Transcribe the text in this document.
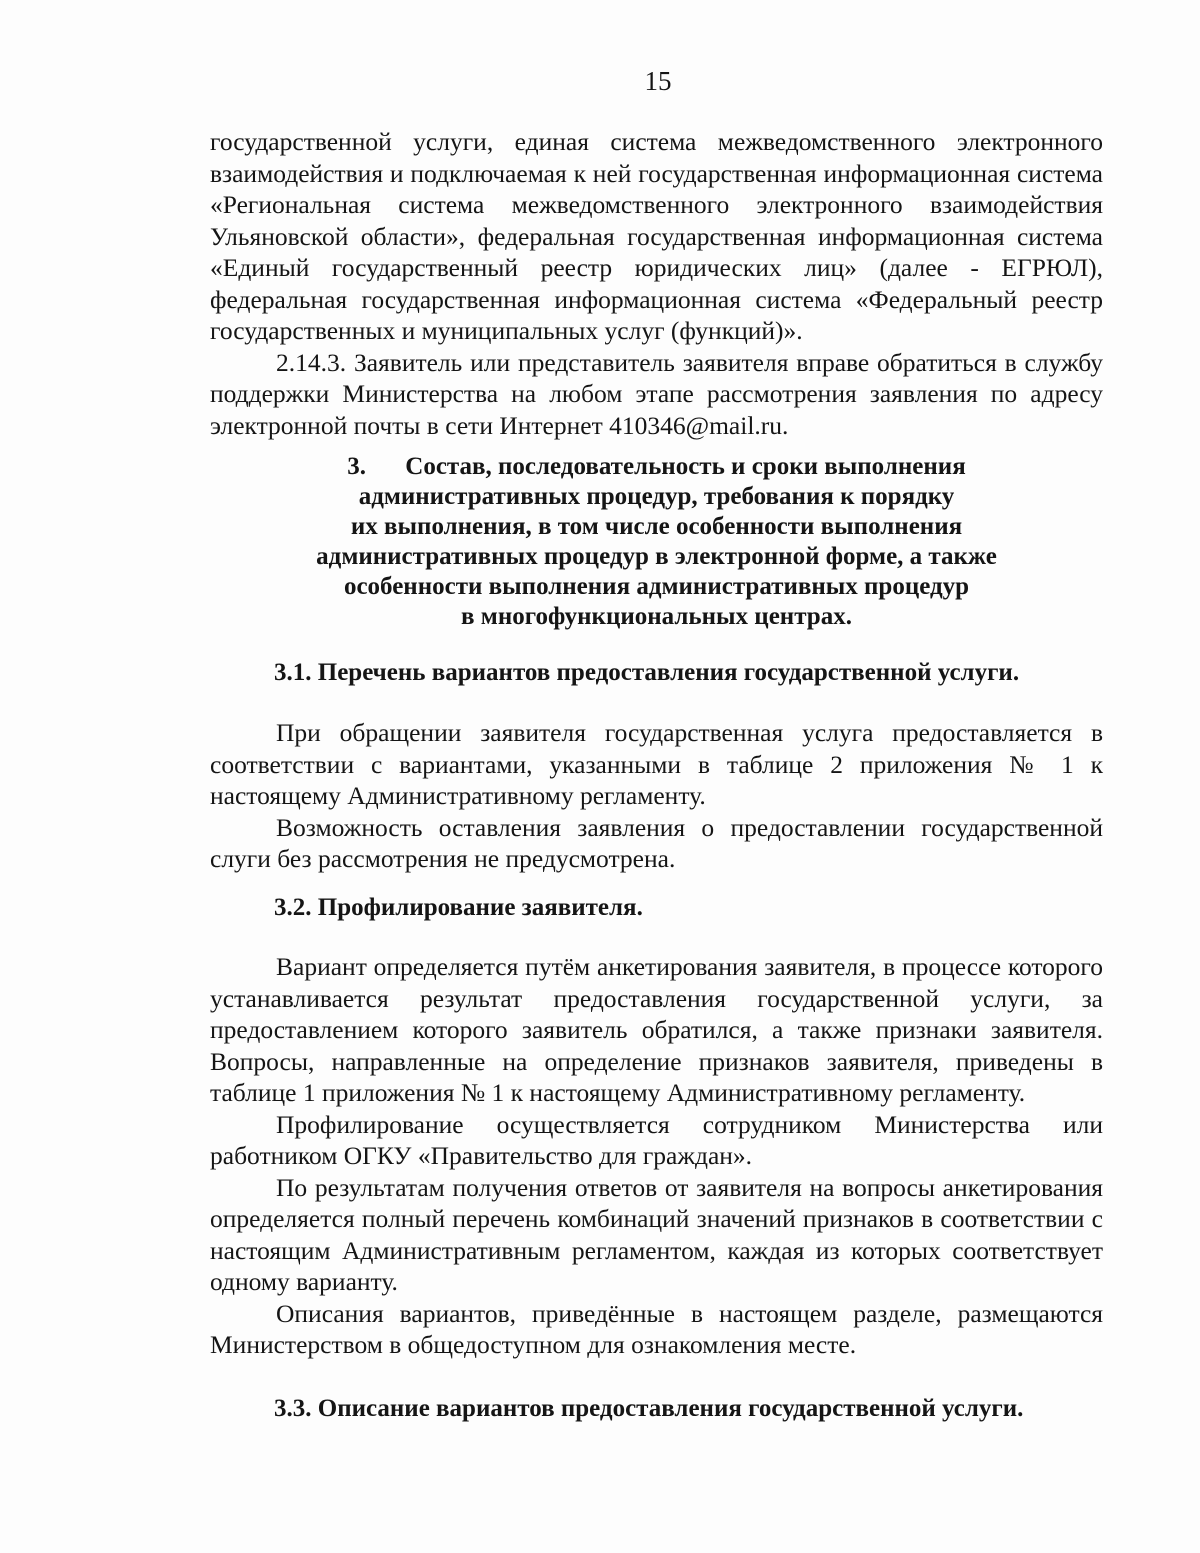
15

государственной услуги, единая система межведомственного электронного взаимодействия и подключаемая к ней государственная информационная система «Региональная система межведомственного электронного взаимодействия Ульяновской области», федеральная государственная информационная система «Единый государственный реестр юридических лиц» (далее - ЕГРЮЛ), федеральная государственная информационная система «Федеральный реестр государственных и муниципальных услуг (функций)».

2.14.3. Заявитель или представитель заявителя вправе обратиться в службу поддержки Министерства на любом этапе рассмотрения заявления по адресу электронной почты в сети Интернет 410346@mail.ru.

3. Состав, последовательность и сроки выполнения
административных процедур, требования к порядку
их выполнения, в том числе особенности выполнения
административных процедур в электронной форме, а также
особенности выполнения административных процедур
в многофункциональных центрах.
3.1. Перечень вариантов предоставления государственной услуги.

При обращении заявителя государственная услуга предоставляется в соответствии с вариантами, указанными в таблице 2 приложения № 1 к настоящему Административному регламенту.

Возможность оставления заявления о предоставлении государственной слуги без рассмотрения не предусмотрена.

3.2. Профилирование заявителя.

Вариант определяется путём анкетирования заявителя, в процессе которого устанавливается результат предоставления государственной услуги, за предоставлением которого заявитель обратился, а также признаки заявителя. Вопросы, направленные на определение признаков заявителя, приведены в таблице 1 приложения № 1 к настоящему Административному регламенту.

Профилирование осуществляется сотрудником Министерства или работником ОГКУ «Правительство для граждан».

По результатам получения ответов от заявителя на вопросы анкетирования определяется полный перечень комбинаций значений признаков в соответствии с настоящим Административным регламентом, каждая из которых соответствует одному варианту.

Описания вариантов, приведённые в настоящем разделе, размещаются Министерством в общедоступном для ознакомления месте.

3.3. Описание вариантов предоставления государственной услуги.
